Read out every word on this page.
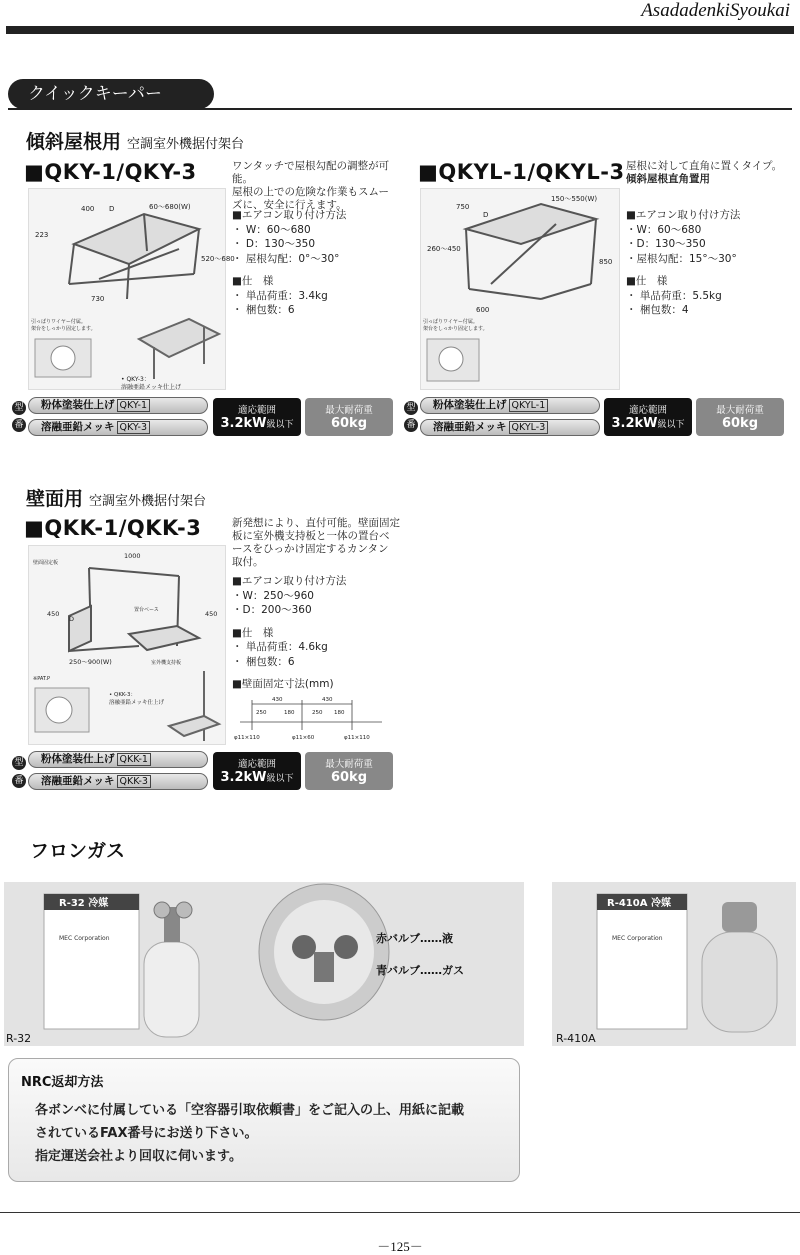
AsadadenkiSyoukai
クイックキーパー
傾斜屋根用 空調室外機据付架台
■QKY-1/QKY-3	ワンタッチで屋根勾配の調整が可能。
屋根の上での危険な作業もスムー
ズに、安全に行えます。
■エアコン取り付け方法
・ W：60～680
・ D：130～350
・ 屋根勾配：0°～30°
■仕　様
・ 単品荷重：3.4kg
・ 梱包数：6
400 D	60～680(W)
223
520～680
730
引っぱりワイヤー付属。
架台をしっかり固定します。
• QKY-3：
溶融亜鉛メッキ仕上げ
型
番
粉体塗装仕上げ QKY-1
溶融亜鉛メッキ QKY-3
適応範囲
3.2kW級以下
最大耐荷重
60kg
■QKYL-1/QKYL-3 屋根に対して直角に置くタイプ。
傾斜屋根直角置用
■エアコン取り付け方法
・W：60～680
・D：130～350
・屋根勾配：15°～30°
■仕　様
・ 単品荷重：5.5kg
・ 梱包数：4
750
D
150～550(W)
260～450
850
600
引っぱりワイヤー付属。
架台をしっかり固定します。
型
番
粉体塗装仕上げ QKYL-1
溶融亜鉛メッキ QKYL-3
適応範囲
3.2kW級以下
最大耐荷重
60kg
壁面用 空調室外機据付架台
■QKK-1/QKK-3	新発想により、直付可能。壁面固定
板に室外機支持板と一体の置台ベ
ースをひっかけ固定するカンタン
取付。
■エアコン取り付け方法
・W：250～960
・D：200～360
■仕　様
・ 単品荷重：4.6kg
・ 梱包数：6
■壁面固定寸法(mm)
430	430
250	180	250 180
φ11×110	φ11×60	φ11×110
1000
壁面固定板
450
D
置台ベース
450
250～900(W)	室外機支持板
※PAT.P
• QKK-3：
溶融亜鉛メッキ仕上げ
型
番
粉体塗装仕上げ QKK-1
溶融亜鉛メッキ QKK-3
適応範囲
3.2kW級以下
最大耐荷重
60kg
フロンガス
R-32 冷媒
MEC Corporation	赤バルブ……液
青バルブ……ガス
R-32
R-410A 冷媒
MEC Corporation
R-410A
NRC返却方法
各ボンベに付属している「空容器引取依頼書」をご記入の上、用紙に記載
されているFAX番号にお送り下さい。
指定運送会社より回収に伺います。
－125－
